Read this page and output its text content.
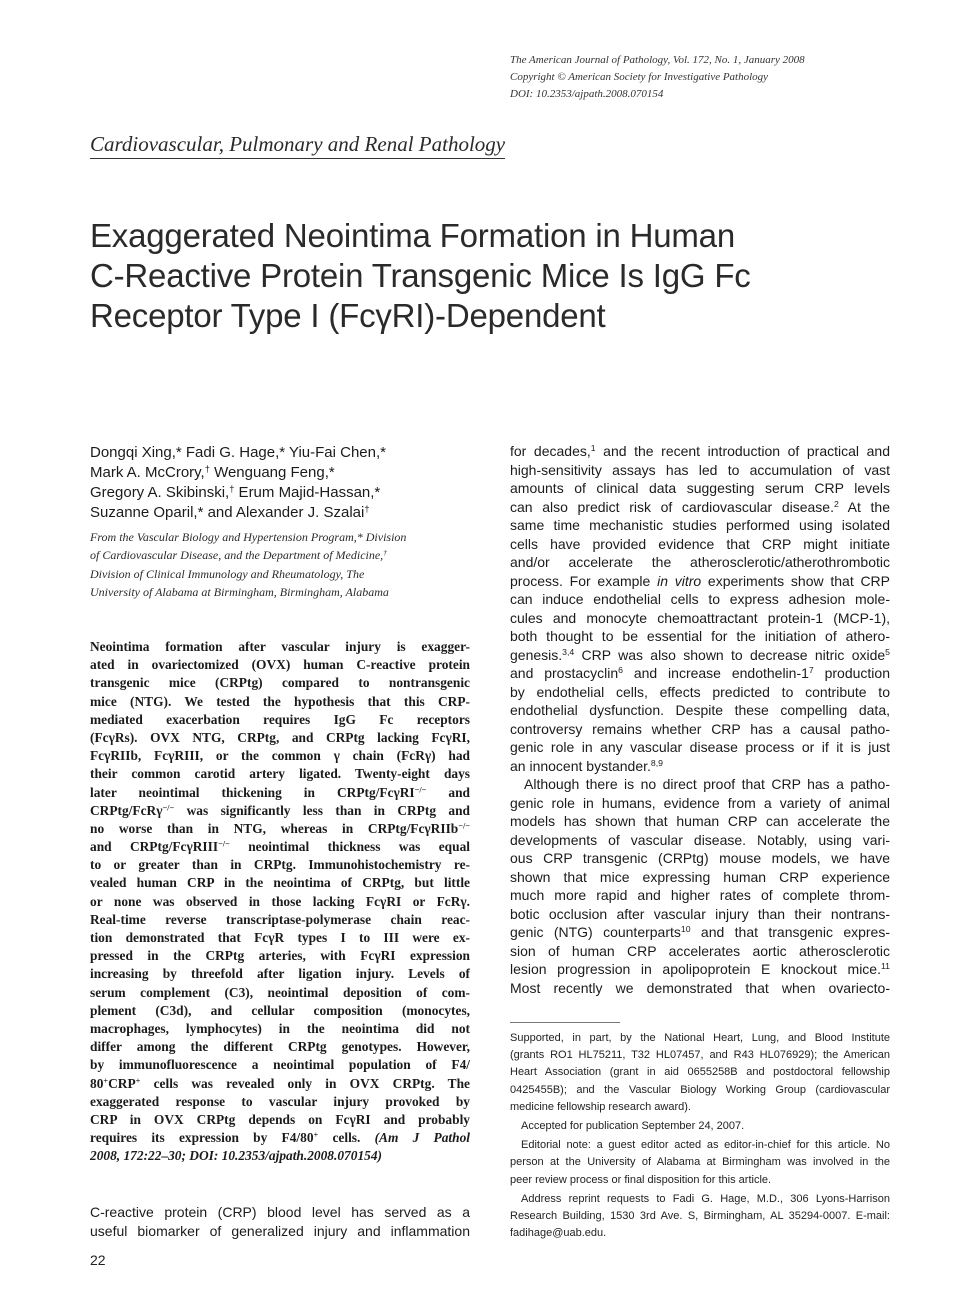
The American Journal of Pathology, Vol. 172, No. 1, January 2008
Copyright © American Society for Investigative Pathology
DOI: 10.2353/ajpath.2008.070154
Cardiovascular, Pulmonary and Renal Pathology
Exaggerated Neointima Formation in Human
C-Reactive Protein Transgenic Mice Is IgG Fc
Receptor Type I (FcγRI)-Dependent
Dongqi Xing,* Fadi G. Hage,* Yiu-Fai Chen,*
Mark A. McCrory,† Wenguang Feng,*
Gregory A. Skibinski,† Erum Majid-Hassan,*
Suzanne Oparil,* and Alexander J. Szalai†
From the Vascular Biology and Hypertension Program,* Division
of Cardiovascular Disease, and the Department of Medicine,†
Division of Clinical Immunology and Rheumatology, The
University of Alabama at Birmingham, Birmingham, Alabama
Neointima formation after vascular injury is exagger-
ated in ovariectomized (OVX) human C-reactive protein
transgenic mice (CRPtg) compared to nontransgenic
mice (NTG). We tested the hypothesis that this CRP-
mediated exacerbation requires IgG Fc receptors
(FcγRs). OVX NTG, CRPtg, and CRPtg lacking FcγRI,
FcγRIIb, FcγRIII, or the common γ chain (FcRγ) had
their common carotid artery ligated. Twenty-eight days
later neointimal thickening in CRPtg/FcγRI−/− and
CRPtg/FcRγ−/− was significantly less than in CRPtg and
no worse than in NTG, whereas in CRPtg/FcγRIIb−/−
and CRPtg/FcγRIII−/− neointimal thickness was equal
to or greater than in CRPtg. Immunohistochemistry re-
vealed human CRP in the neointima of CRPtg, but little
or none was observed in those lacking FcγRI or FcRγ.
Real-time reverse transcriptase-polymerase chain reac-
tion demonstrated that FcγR types I to III were ex-
pressed in the CRPtg arteries, with FcγRI expression
increasing by threefold after ligation injury. Levels of
serum complement (C3), neointimal deposition of com-
plement (C3d), and cellular composition (monocytes,
macrophages, lymphocytes) in the neointima did not
differ among the different CRPtg genotypes. However,
by immunofluorescence a neointimal population of F4/
80+CRP+ cells was revealed only in OVX CRPtg. The
exaggerated response to vascular injury provoked by
CRP in OVX CRPtg depends on FcγRI and probably
requires its expression by F4/80+ cells. (Am J Pathol
2008, 172:22–30; DOI: 10.2353/ajpath.2008.070154)
C-reactive protein (CRP) blood level has served as a
useful biomarker of generalized injury and inflammation
for decades,$^1$ and the recent introduction of practical and
high-sensitivity assays has led to accumulation of vast
amounts of clinical data suggesting serum CRP levels
can also predict risk of cardiovascular disease.$^2$ At the
same time mechanistic studies performed using isolated
cells have provided evidence that CRP might initiate
and/or accelerate the atherosclerotic/atherothrombotic
process. For example in vitro experiments show that CRP
can induce endothelial cells to express adhesion mole-
cules and monocyte chemoattractant protein-1 (MCP-1),
both thought to be essential for the initiation of athero-
genesis.$^{3,4}$ CRP was also shown to decrease nitric oxide$^5$
and prostacyclin$^6$ and increase endothelin-$1^7$ production
by endothelial cells, effects predicted to contribute to
endothelial dysfunction. Despite these compelling data,
controversy remains whether CRP has a causal patho-
genic role in any vascular disease process or if it is just
an innocent bystander.$^{8,9}$
Although there is no direct proof that CRP has a patho-
genic role in humans, evidence from a variety of animal
models has shown that human CRP can accelerate the
developments of vascular disease. Notably, using vari-
ous CRP transgenic (CRPtg) mouse models, we have
shown that mice expressing human CRP experience
much more rapid and higher rates of complete throm-
botic occlusion after vascular injury than their nontrans-
genic (NTG) counterparts$^{10}$ and that transgenic expres-
sion of human CRP accelerates aortic atherosclerotic
lesion progression in apolipoprotein E knockout mice.$^{11}$
Most recently we demonstrated that when ovariecto-
Supported, in part, by the National Heart, Lung, and Blood Institute
(grants RO1 HL75211, T32 HL07457, and R43 HL076929); the American
Heart Association (grant in aid 0655258B and postdoctoral fellowship
0425455B); and the Vascular Biology Working Group (cardiovascular
medicine fellowship research award).
Accepted for publication September 24, 2007.
Editorial note: a guest editor acted as editor-in-chief for this article. No
person at the University of Alabama at Birmingham was involved in the
peer review process or final disposition for this article.
Address reprint requests to Fadi G. Hage, M.D., 306 Lyons-Harrison
Research Building, 1530 3rd Ave. S, Birmingham, AL 35294-0007. E-mail:
fadihage@uab.edu.
22
